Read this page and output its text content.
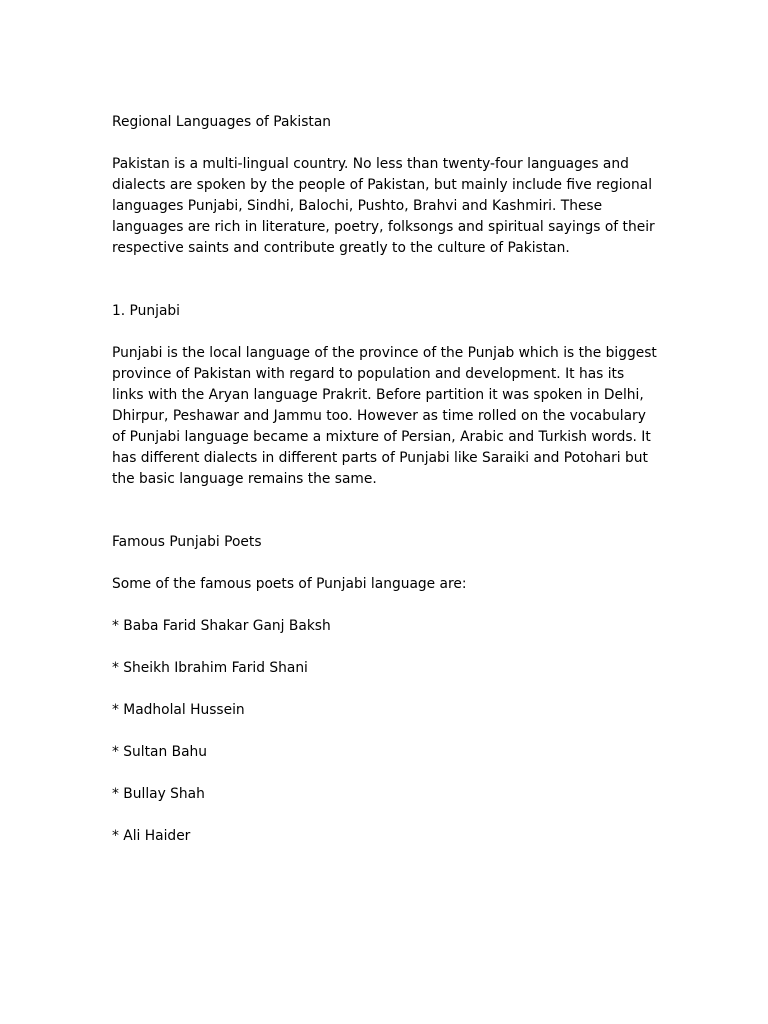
Regional Languages of Pakistan

Pakistan is a multi-lingual country. No less than twenty-four languages and dialects are spoken by the people of Pakistan, but mainly include five regional languages Punjabi, Sindhi, Balochi, Pushto, Brahvi and Kashmiri. These languages are rich in literature, poetry, folksongs and spiritual sayings of their respective saints and contribute greatly to the culture of Pakistan.

1. Punjabi

Punjabi is the local language of the province of the Punjab which is the biggest province of Pakistan with regard to population and development. It has its links with the Aryan language Prakrit. Before partition it was spoken in Delhi, Dhirpur, Peshawar and Jammu too. However as time rolled on the vocabulary of Punjabi language became a mixture of Persian, Arabic and Turkish words. It has different dialects in different parts of Punjabi like Saraiki and Potohari but the basic language remains the same.

Famous Punjabi Poets

Some of the famous poets of Punjabi language are:

* Baba Farid Shakar Ganj Baksh

* Sheikh Ibrahim Farid Shani

* Madholal Hussein

* Sultan Bahu

* Bullay Shah

* Ali Haider
